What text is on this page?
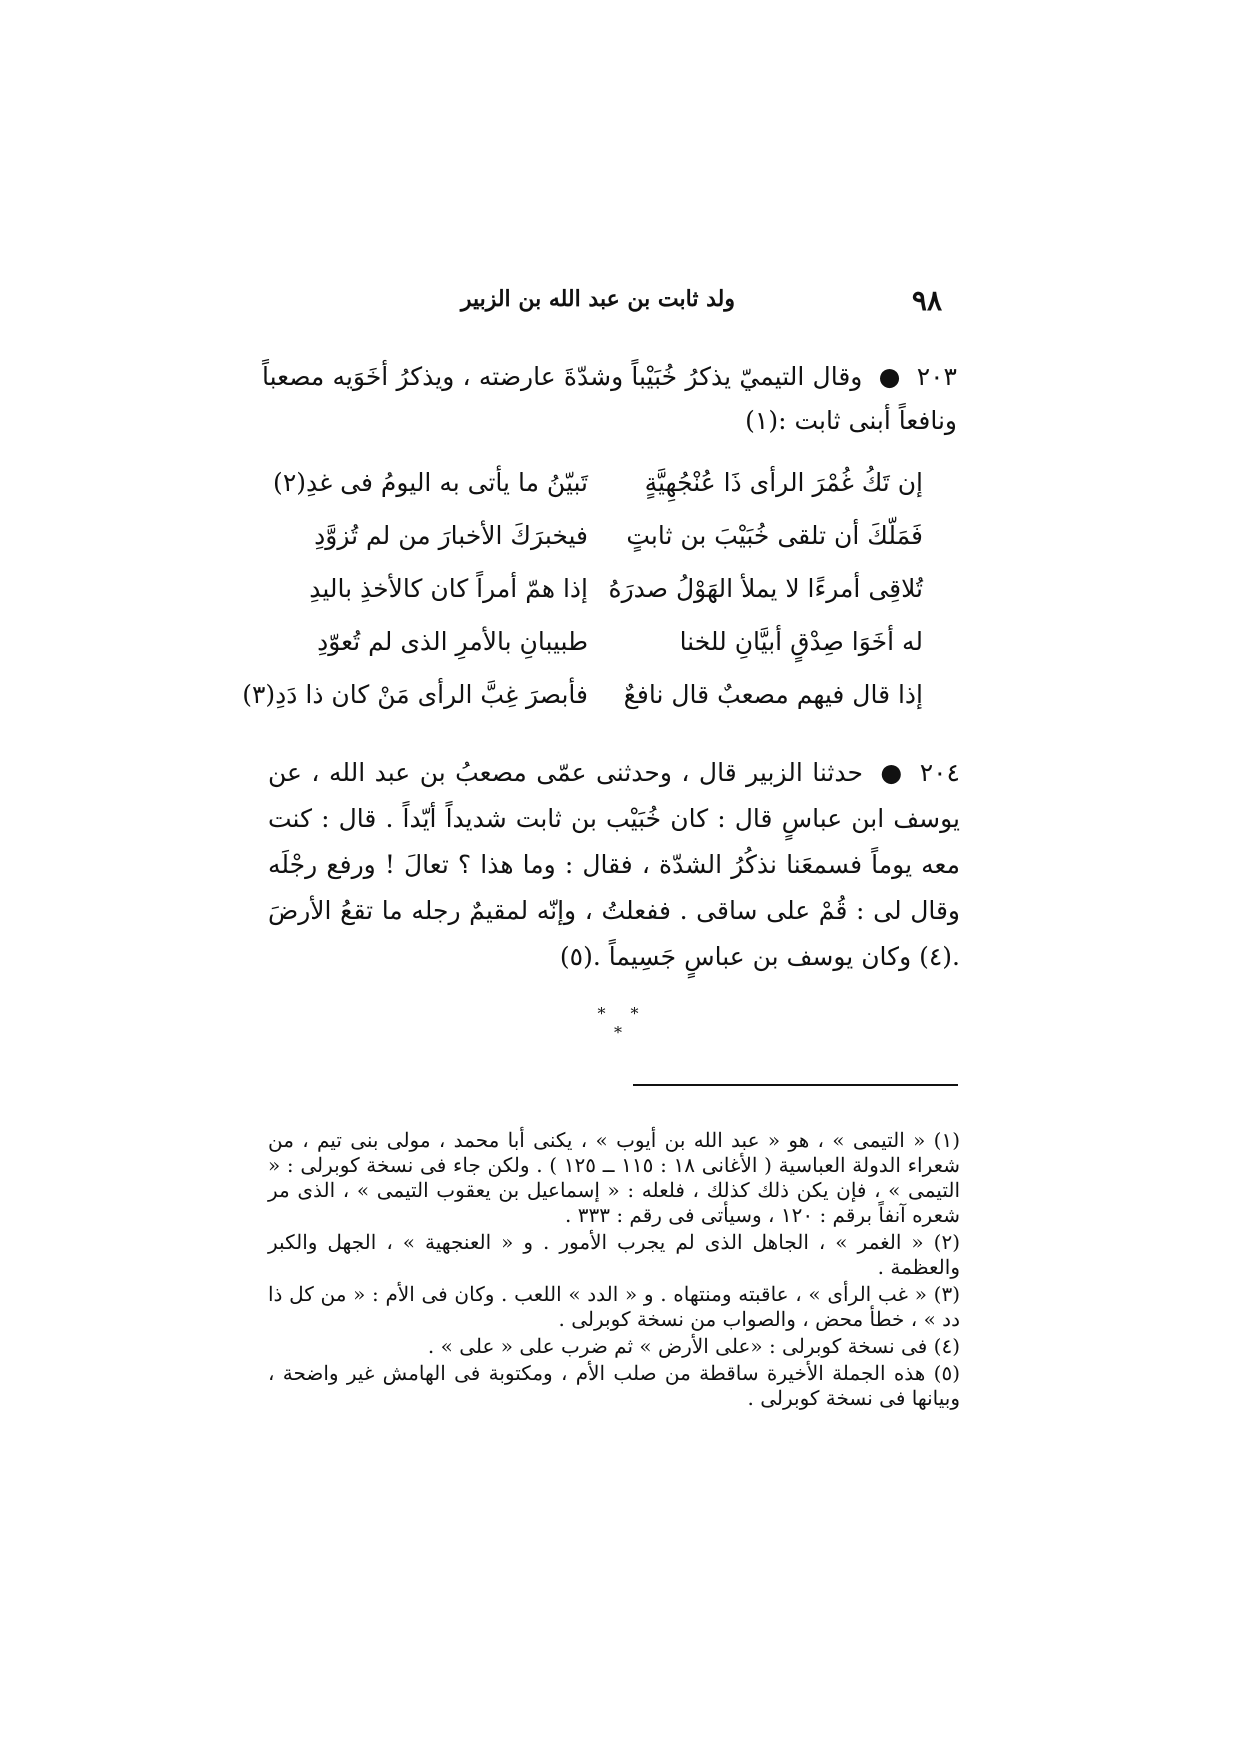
٩٨
ولد ثابت بن عبد الله بن الزبير
٢٠٣ ● وقال التيميّ يذكرُ خُبَيْباً وشدّةَ عارضته ، ويذكرُ أخَوَيه مصعباً ونافعاً أبنى ثابت :(١)
إن تَكُ غُمْرَ الرأى ذَا عُنْجُهِيَّةٍ
تَبيّنُ ما يأتى به اليومُ فى غدِ(٢)
فَمَلّكَ أن تلقى خُبَيْبَ بن ثابتٍ
فيخبرَكَ الأخبارَ من لم تُزوَّدِ
تُلاقِى أمرءًا لا يملأ الهَوْلُ صدرَهُ
إذا همّ أمراً كان كالأخذِ باليدِ
له أخَوَا صِدْقٍ أبيَّانِ للخنا
طبيبانِ بالأمرِ الذى لم تُعوّدِ
إذا قال فيهم مصعبٌ قال نافعٌ
فأبصرَ غِبَّ الرأى مَنْ كان ذا دَدِ(٣)
٢٠٤ ● حدثنا الزبير قال ، وحدثنى عمّى مصعبُ بن عبد الله ، عن يوسف ابن عباسٍ قال : كان خُبَيْب بن ثابت شديداً أيّداً . قال : كنت معه يوماً فسمعَنا نذكُرُ الشدّة ، فقال : وما هذا ؟ تعالَ ! ورفع رجْلَه وقال لى : قُمْ على ساقى . ففعلتُ ، وإنّه لمقيمٌ رجله ما تقعُ الأرضَ .(٤) وكان يوسف بن عباسٍ جَسِيماً .(٥)
* * *

(١) « التيمى » ، هو « عبد الله بن أيوب » ، يكنى أبا محمد ، مولى بنى تيم ، من شعراء الدولة العباسية ( الأغانى ١٨ : ١١٥ ــ ١٢٥ ) . ولكن جاء فى نسخة كوبرلى : « التيمى » ، فإن يكن ذلك كذلك ، فلعله : « إسماعيل بن يعقوب التيمى » ، الذى مر شعره آنفاً برقم : ١٢٠ ، وسيأتى فى رقم : ٣٣٣ .

(٢) « الغمر » ، الجاهل الذى لم يجرب الأمور . و « العنجهية » ، الجهل والكبر والعظمة .

(٣) « غب الرأى » ، عاقبته ومنتهاه . و « الدد » اللعب . وكان فى الأم : « من كل ذا دد » ، خطأ محض ، والصواب من نسخة كوبرلى .

(٤) فى نسخة كوبرلى : «على الأرض » ثم ضرب على « على » .

(٥) هذه الجملة الأخيرة ساقطة من صلب الأم ، ومكتوبة فى الهامش غير واضحة ، وبيانها فى نسخة كوبرلى .
